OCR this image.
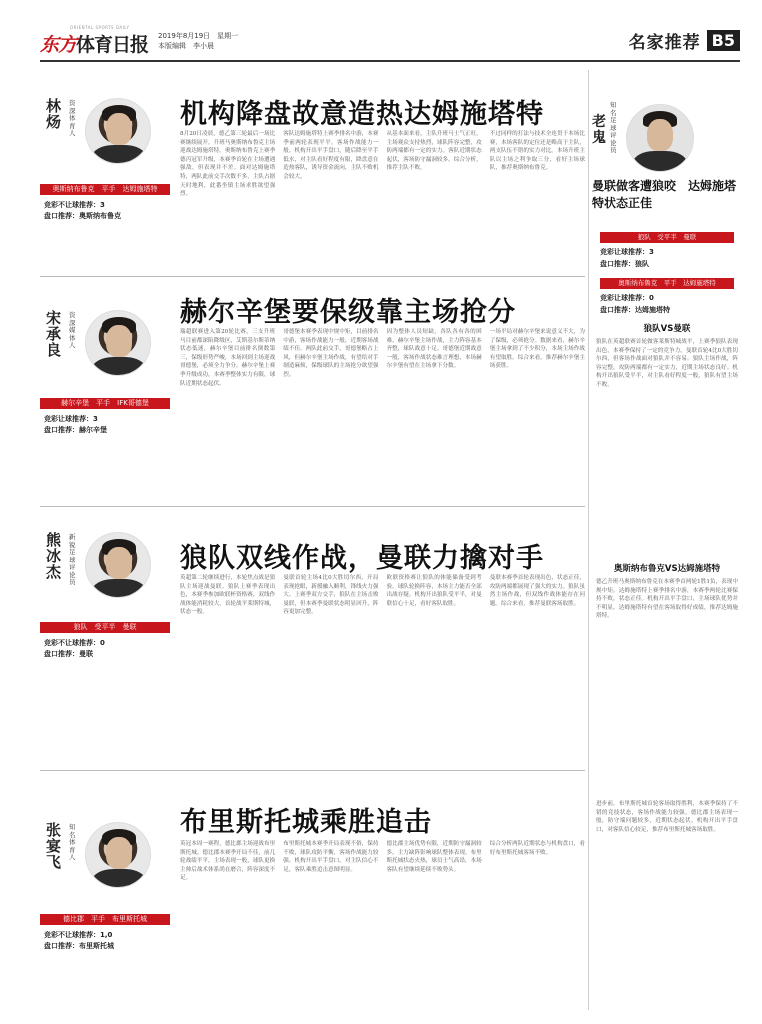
ORIENTAL SPORTS DAILY
东方体育日报 2019年8月19日　星期一
本版编辑　李小晨	名家推荐 B5
林炀
资深体育人
奥斯纳布鲁克　平手　达姆施塔特
竞彩不让球推荐：3
盘口推荐：奥斯纳布鲁克
机构降盘故意造热达姆施塔特

8月20日凌晨，德乙第三轮最后一场比赛继续展开，升班马奥斯纳布鲁克主场迎战达姆施塔特。奥斯纳布鲁克上赛季德丙冠军升级，本赛季首轮在主场遭遇强敌，但表现并不差。面对达姆施塔特，两队此前交手次数不多，主队占据天时地利，此番坐镇主场求胜欲望强烈。

客队达姆施塔特上赛季排名中游，本赛季前两轮表现平平，客场作战能力一般。机构开出平手盘口，随后降至平手低水，对主队看好程度有限，降盘意在造热客队，诱导资金流向，主队不败机会较大。

从基本面来看，主队升班马士气正旺，主场观众支持热烈，球队阵容完整，攻防两端都有一定的实力。客队近期状态起伏，客场防守漏洞较多。综合分析，推荐主队不败。

不过同样的打法与技术全连贯于本场比赛，本场客队的定位还是略高于主队，两支队伍不错的实力对比。本场升班主队以主场之利争取三分，看好主场球队，推荐奥斯纳布鲁克。

宋承良
资深媒体人
赫尔辛堡　平手　IFK哥德堡
竞彩让球推荐：3
盘口推荐：赫尔辛堡
赫尔辛堡要保级靠主场抢分

瑞超联赛进入第20轮比赛，三支升班马目前都深陷降级区，艾斯基尔斯蒂纳状态低迷，赫尔辛堡目前排名倒数第三，保级形势严峻，本场回到主场迎战哥德堡，必须全力争分。赫尔辛堡上赛季升级成功，本赛季整体实力有限，球队近期状态起伏。

哥德堡本赛季表现中规中矩，目前排名中游，客场作战能力一般，近期客场战绩不佳。两队此前交手，哥德堡略占上风，但赫尔辛堡主场作战，有望给对手制造麻烦，保级球队的主场抢分欲望强烈。

因为整体人员短缺，各队各有各的困难，赫尔辛堡主场作战，主力阵容基本齐整，球队战意十足。哥德堡近期战意一般，客场作战状态难言理想，本场赫尔辛堡有望在主场拿下分数。

一场平局对赫尔辛堡来说意义不大，为了保级，必须抢分。数据来看，赫尔辛堡主场拿到了不少积分，本场主场作战有望取胜。综合来看，推荐赫尔辛堡主场获胜。

熊冰杰
新锐足球评论员
狼队　受平半　曼联
竞彩不让球推荐：0
盘口推荐：曼联
狼队双线作战，曼联力擒对手

英超第二轮继续进行，本轮焦点战是狼队主场迎战曼联。狼队上赛季表现出色，本赛季参加欧联杯资格赛，双线作战体能消耗较大，首轮战平莱斯特城，状态一般。

曼联首轮主场4比0大胜切尔西，开局表现抢眼，新援融入顺利，锋线火力强大。上赛季双方交手，狼队在主场击败曼联，但本赛季曼联状态明显回升，阵容更加完整。

欧联资格赛让狼队的体能储备受到考验，球队轮换阵容，本场主力能否全部出战存疑。机构开出狼队受平半，对曼联信心十足，看好客队取胜。

曼联本赛季首轮表现出色，状态正佳，攻防两端都展现了强大的实力。狼队虽然主场作战，但双线作战体能存在问题。综合来看，推荐曼联客场取胜。

张宴飞
知名体育人
德比郡　平手　布里斯托城
竞彩不让球推荐：1,0
盘口推荐：布里斯托城
布里斯托城乘胜追击

英冠本周一赛程，德比郡主场迎战布里斯托城。德比郡本赛季开局不佳，前几轮战绩平平，主场表现一般，球队更换主帅后战术体系尚在磨合，阵容深度不足。

布里斯托城本赛季开局表现不俗，保持不败，球队攻防平衡，客场作战能力较强。机构开出平手盘口，对主队信心不足，客队乘胜追击意图明显。

德比郡主场优势有限，近期防守漏洞较多，主力缺阵影响球队整体表现。布里斯托城状态火热，球员士气高昂，本场客队有望继续延续不败势头。

综合分析两队近期状态与机构盘口，看好布里斯托城客场不败。

老鬼
知名足球评论员
曼联做客遭狼咬　达姆施塔特状态正佳
狼队　受平半　曼联
竞彩让球推荐：3
盘口推荐：狼队
奥斯纳布鲁克　平手　达姆施塔特
竞彩让球推荐：0
盘口推荐：达姆施塔特
狼队VS曼联

狼队在英超联赛首轮做客莱斯特城战平，上赛季狼队表现出色，本赛季保持了一定的竞争力。曼联首轮4比0大胜切尔西，但客场作战面对狼队并不容易。狼队主场作战，阵容完整，攻防两端都有一定实力，近期主场状态良好。机构开出狼队受平半，对主队看好程度一般，狼队有望主场不败。

奥斯纳布鲁克VS达姆施塔特

德乙升班马奥斯纳布鲁克在本赛季首两轮1胜1负，表现中规中矩。达姆施塔特上赛季排名中游，本赛季两轮比赛保持不败，状态正佳。机构开出平手盘口，主场球队优势并不明显，达姆施塔特有望在客场取得好成绩，推荐达姆施塔特。

进步前，布里斯托城首轮客场取得胜利，本赛季保持了不错的竞技状态，客场作战能力较强。德比郡主场表现一般，防守端问题较多，近期状态起伏。机构开出平手盘口，对客队信心较足，推荐布里斯托城客场取胜。
